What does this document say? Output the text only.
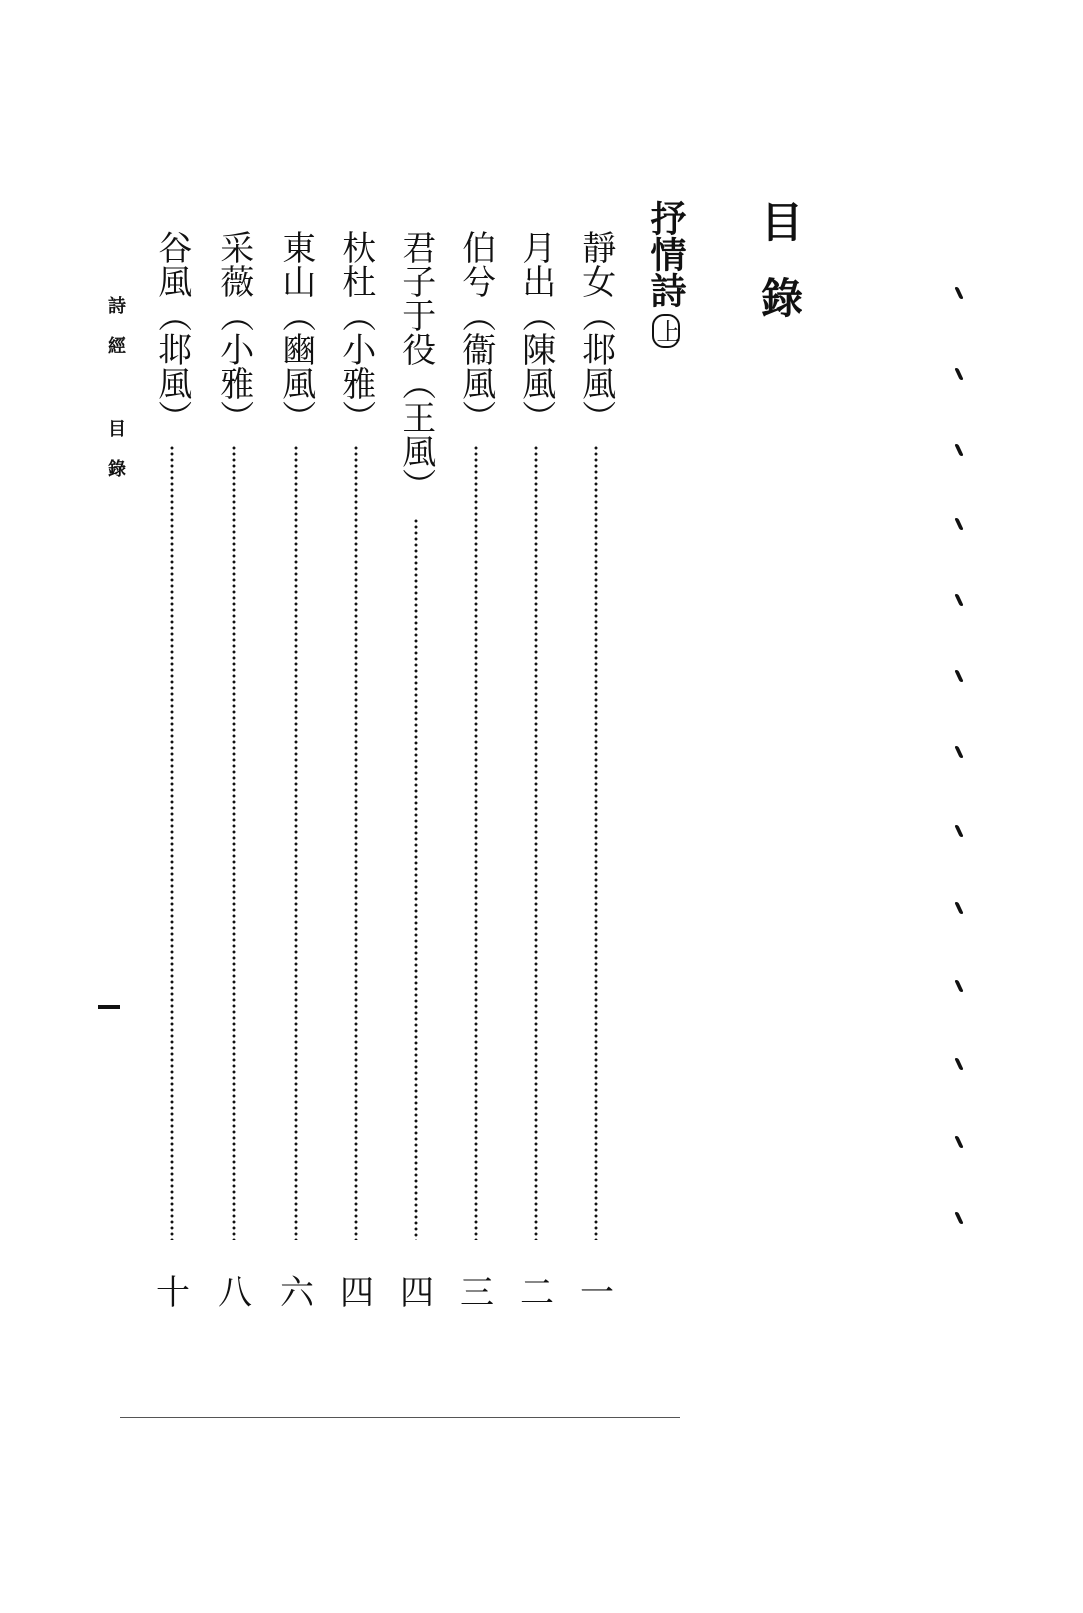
目錄
抒情詩上
靜女（邶風）
一
月出（陳風）
二
伯兮（衞風）
三
君子于役（王風）
四
杕杜（小雅）
四
東山（豳風）
六
采薇（小雅）
八
谷風（邶風）
十
詩經 目錄
